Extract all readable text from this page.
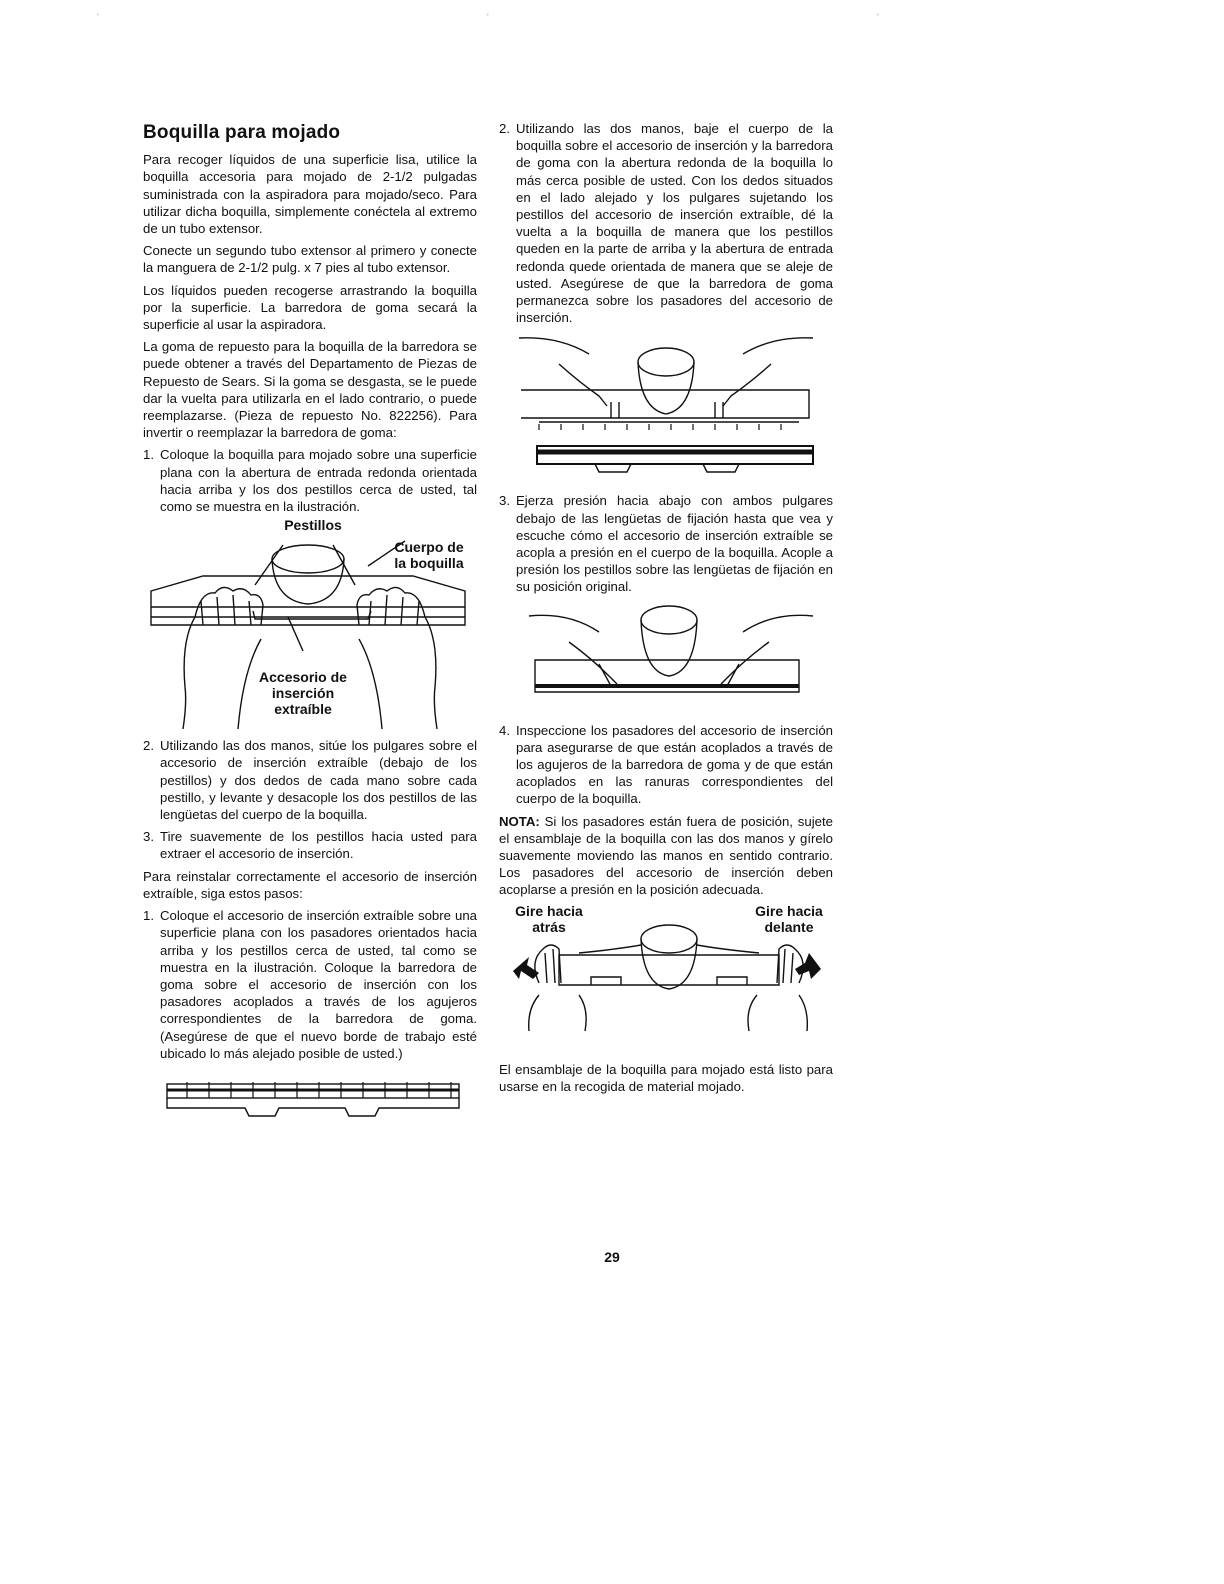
'	'	'
Boquilla para mojado

Para recoger líquidos de una superficie lisa, utilice la boquilla accesoria para mojado de 2-1/2 pulgadas suministrada con la aspiradora para mojado/seco. Para utilizar dicha boquilla, simplemente conéctela al extremo de un tubo extensor.

Conecte un segundo tubo extensor al primero y conecte la manguera de 2-1/2 pulg. x 7 pies al tubo extensor.

Los líquidos pueden recogerse arrastrando la boquilla por la superficie. La barredora de goma secará la superficie al usar la aspiradora.

La goma de repuesto para la boquilla de la barredora se puede obtener a través del Departamento de Piezas de Repuesto de Sears. Si la goma se desgasta, se le puede dar la vuelta para utilizarla en el lado contrario, o puede reemplazarse. (Pieza de repuesto No. 822256). Para invertir o reemplazar la barredora de goma:

1. Coloque la boquilla para mojado sobre una superficie plana con la abertura de entrada redonda orientada hacia arriba y los dos pestillos cerca de usted, tal como se muestra en la ilustración.
Pestillos
Cuerpo de la boquilla
Accesorio de inserción extraíble
2. Utilizando las dos manos, sitúe los pulgares sobre el accesorio de inserción extraíble (debajo de los pestillos) y dos dedos de cada mano sobre cada pestillo, y levante y desacople los dos pestillos de las lengüetas del cuerpo de la boquilla.
3. Tire suavemente de los pestillos hacia usted para extraer el accesorio de inserción.

Para reinstalar correctamente el accesorio de inserción extraíble, siga estos pasos:

1. Coloque el accesorio de inserción extraíble sobre una superficie plana con los pasadores orientados hacia arriba y los pestillos cerca de usted, tal como se muestra en la ilustración. Coloque la barredora de goma sobre el accesorio de inserción con los pasadores acoplados a través de los agujeros correspondientes de la barredora de goma. (Asegúrese de que el nuevo borde de trabajo esté ubicado lo más alejado posible de usted.)
2. Utilizando las dos manos, baje el cuerpo de la boquilla sobre el accesorio de inserción y la barredora de goma con la abertura redonda de la boquilla lo más cerca posible de usted. Con los dedos situados en el lado alejado y los pulgares sujetando los pestillos del accesorio de inserción extraíble, dé la vuelta a la boquilla de manera que los pestillos queden en la parte de arriba y la abertura de entrada redonda quede orientada de manera que se aleje de usted. Asegúrese de que la barredora de goma permanezca sobre los pasadores del accesorio de inserción.
3. Ejerza presión hacia abajo con ambos pulgares debajo de las lengüetas de fijación hasta que vea y escuche cómo el accesorio de inserción extraíble se acopla a presión en el cuerpo de la boquilla. Acople a presión los pestillos sobre las lengüetas de fijación en su posición original.
4. Inspeccione los pasadores del accesorio de inserción para asegurarse de que están acoplados a través de los agujeros de la barredora de goma y de que están acoplados en las ranuras correspondientes del cuerpo de la boquilla.

NOTA: Si los pasadores están fuera de posición, sujete el ensamblaje de la boquilla con las dos manos y gírelo suavemente moviendo las manos en sentido contrario. Los pasadores del accesorio de inserción deben acoplarse a presión en la posición adecuada.

Gire hacia atrás
Gire hacia delante

El ensamblaje de la boquilla para mojado está listo para usarse en la recogida de material mojado.

29
